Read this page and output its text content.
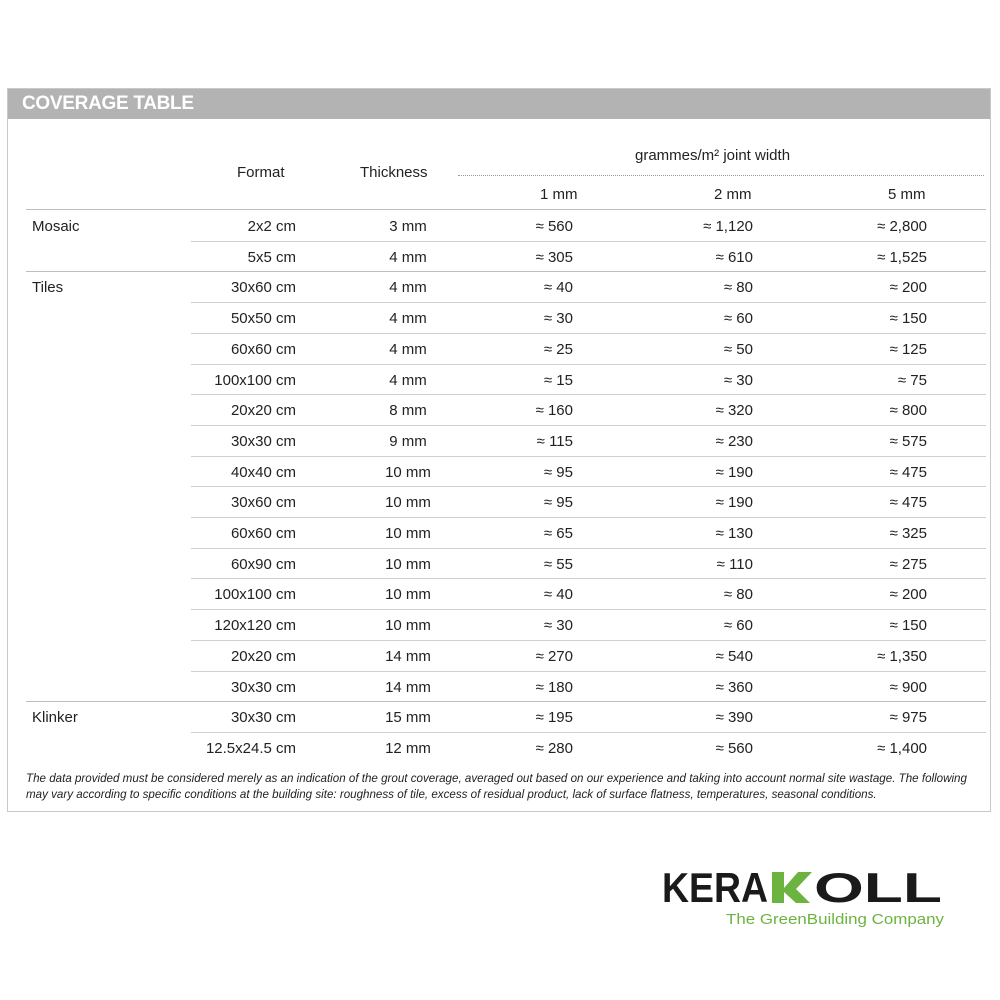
COVERAGE TABLE
Format	Thickness
grammes/m² joint width
1 mm	2 mm	5 mm
Mosaic	2x2 cm	3 mm	≈ 560	≈ 1,120	≈ 2,800
5x5 cm	4 mm	≈ 305	≈ 610	≈ 1,525
Tiles	30x60 cm	4 mm	≈ 40	≈ 80	≈ 200
50x50 cm	4 mm	≈ 30	≈ 60	≈ 150
60x60 cm	4 mm	≈ 25	≈ 50	≈ 125
100x100 cm	4 mm	≈ 15	≈ 30	≈ 75
20x20 cm	8 mm	≈ 160	≈ 320	≈ 800
30x30 cm	9 mm	≈ 115	≈ 230	≈ 575
40x40 cm	10 mm	≈ 95	≈ 190	≈ 475
30x60 cm	10 mm	≈ 95	≈ 190	≈ 475
60x60 cm	10 mm	≈ 65	≈ 130	≈ 325
60x90 cm	10 mm	≈ 55	≈ 110	≈ 275
100x100 cm	10 mm	≈ 40	≈ 80	≈ 200
120x120 cm	10 mm	≈ 30	≈ 60	≈ 150
20x20 cm	14 mm	≈ 270	≈ 540	≈ 1,350
30x30 cm	14 mm	≈ 180	≈ 360	≈ 900
Klinker	30x30 cm	15 mm	≈ 195	≈ 390	≈ 975
12.5x24.5 cm	12 mm	≈ 280	≈ 560	≈ 1,400
The data provided must be considered merely as an indication of the grout coverage, averaged out based on our experience and taking into account normal site wastage. The following may vary according to specific conditions at the building site: roughness of tile, excess of residual product, lack of surface flatness, temperatures, seasonal conditions.
KERA OLL
The GreenBuilding Company
